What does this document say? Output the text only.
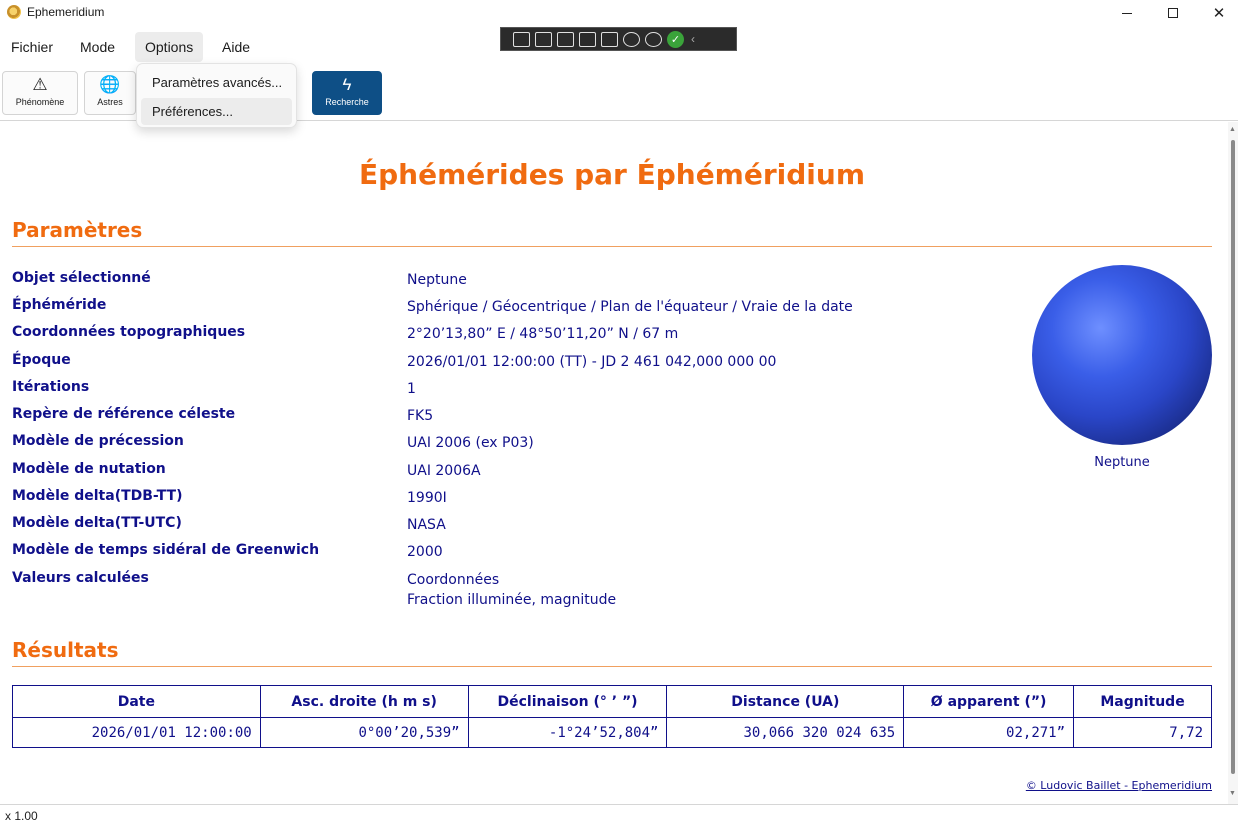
Ephemeridium	✕
Fichier	Mode	Options	Aide	✓ ‹
⚠
Phénomène
🌐
Astres
ϟ
Recherche
Paramètres avancés...
Préférences...
Éphémérides par Éphéméridium
Paramètres
Objet sélectionné	Neptune
Éphéméride	Sphérique / Géocentrique / Plan de l'équateur / Vraie de la date
Coordonnées topographiques	2°20’13,80” E / 48°50’11,20” N / 67 m
Époque	2026/01/01 12:00:00 (TT) - JD 2 461 042,000 000 00
Itérations	1
Repère de référence céleste	FK5
Modèle de précession	UAI 2006 (ex P03)
Modèle de nutation	UAI 2006A
Modèle delta(TDB-TT)	1990I
Modèle delta(TT-UTC)	NASA
Modèle de temps sidéral de Greenwich	2000
Valeurs calculées	Coordonnées
Fraction illuminée, magnitude
Neptune
Résultats
Date	Asc. droite (h m s)	Déclinaison (° ’ ”)	Distance (UA)	Ø apparent (”)	Magnitude
2026/01/01 12:00:00	0°00’20,539”	-1°24’52,804”	30,066 320 024 635	02,271”	7,72
© Ludovic Baillet - Ephemeridium
▲
▼
x 1.00
